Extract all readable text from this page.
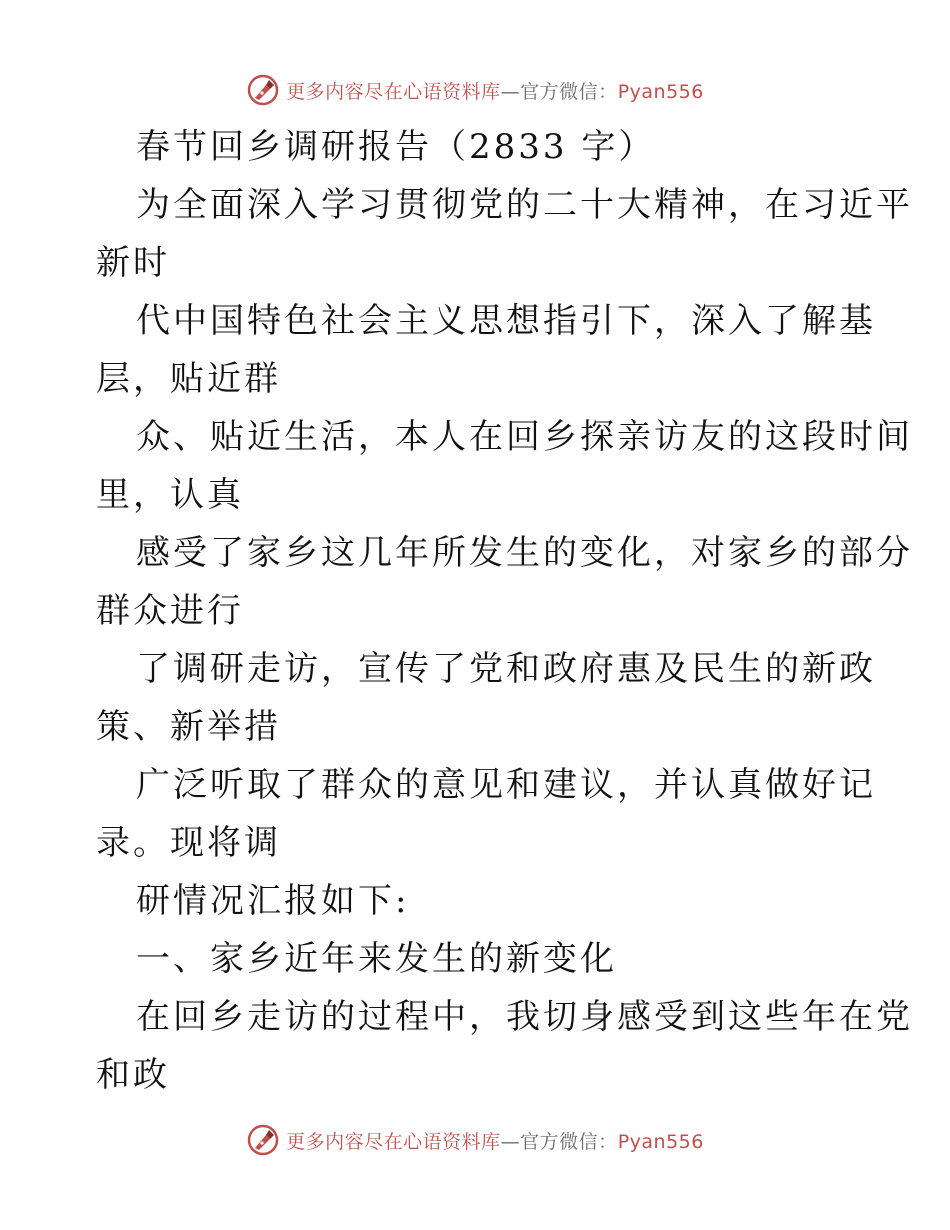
更多内容尽在心语资料库—官方微信：Pyan556
春节回乡调研报告（2833 字）
为全面深入学习贯彻党的二十大精神，在习近平
新时
代中国特色社会主义思想指引下，深入了解基
层，贴近群
众、贴近生活，本人在回乡探亲访友的这段时间
里，认真
感受了家乡这几年所发生的变化，对家乡的部分
群众进行
了调研走访，宣传了党和政府惠及民生的新政
策、新举措
广泛听取了群众的意见和建议，并认真做好记
录。现将调
研情况汇报如下:
一、家乡近年来发生的新变化
在回乡走访的过程中，我切身感受到这些年在党
和政
更多内容尽在心语资料库—官方微信：Pyan556
